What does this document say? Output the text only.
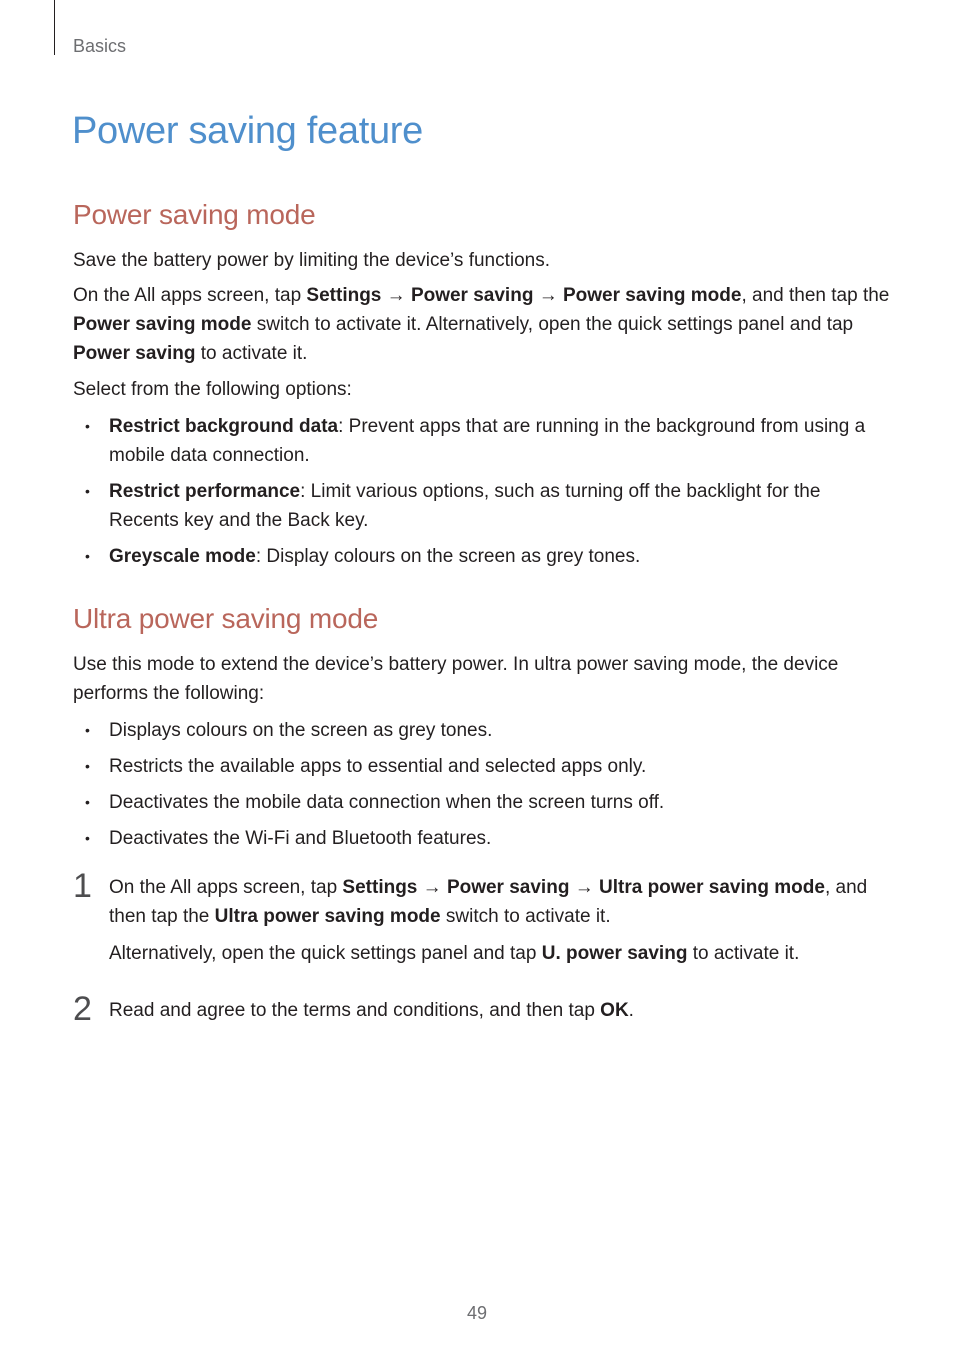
Basics
Power saving feature
Power saving mode

Save the battery power by limiting the device’s functions.

On the All apps screen, tap Settings → Power saving → Power saving mode, and then tap the Power saving mode switch to activate it. Alternatively, open the quick settings panel and tap Power saving to activate it.

Select from the following options:

• Restrict background data: Prevent apps that are running in the background from using a mobile data connection.
• Restrict performance: Limit various options, such as turning off the backlight for the Recents key and the Back key.
• Greyscale mode: Display colours on the screen as grey tones.
Ultra power saving mode

Use this mode to extend the device’s battery power. In ultra power saving mode, the device performs the following:

• Displays colours on the screen as grey tones.
• Restricts the available apps to essential and selected apps only.
• Deactivates the mobile data connection when the screen turns off.
• Deactivates the Wi-Fi and Bluetooth features.
1 On the All apps screen, tap Settings → Power saving → Ultra power saving mode, and then tap the Ultra power saving mode switch to activate it.

Alternatively, open the quick settings panel and tap U. power saving to activate it.

2 Read and agree to the terms and conditions, and then tap OK.

49
